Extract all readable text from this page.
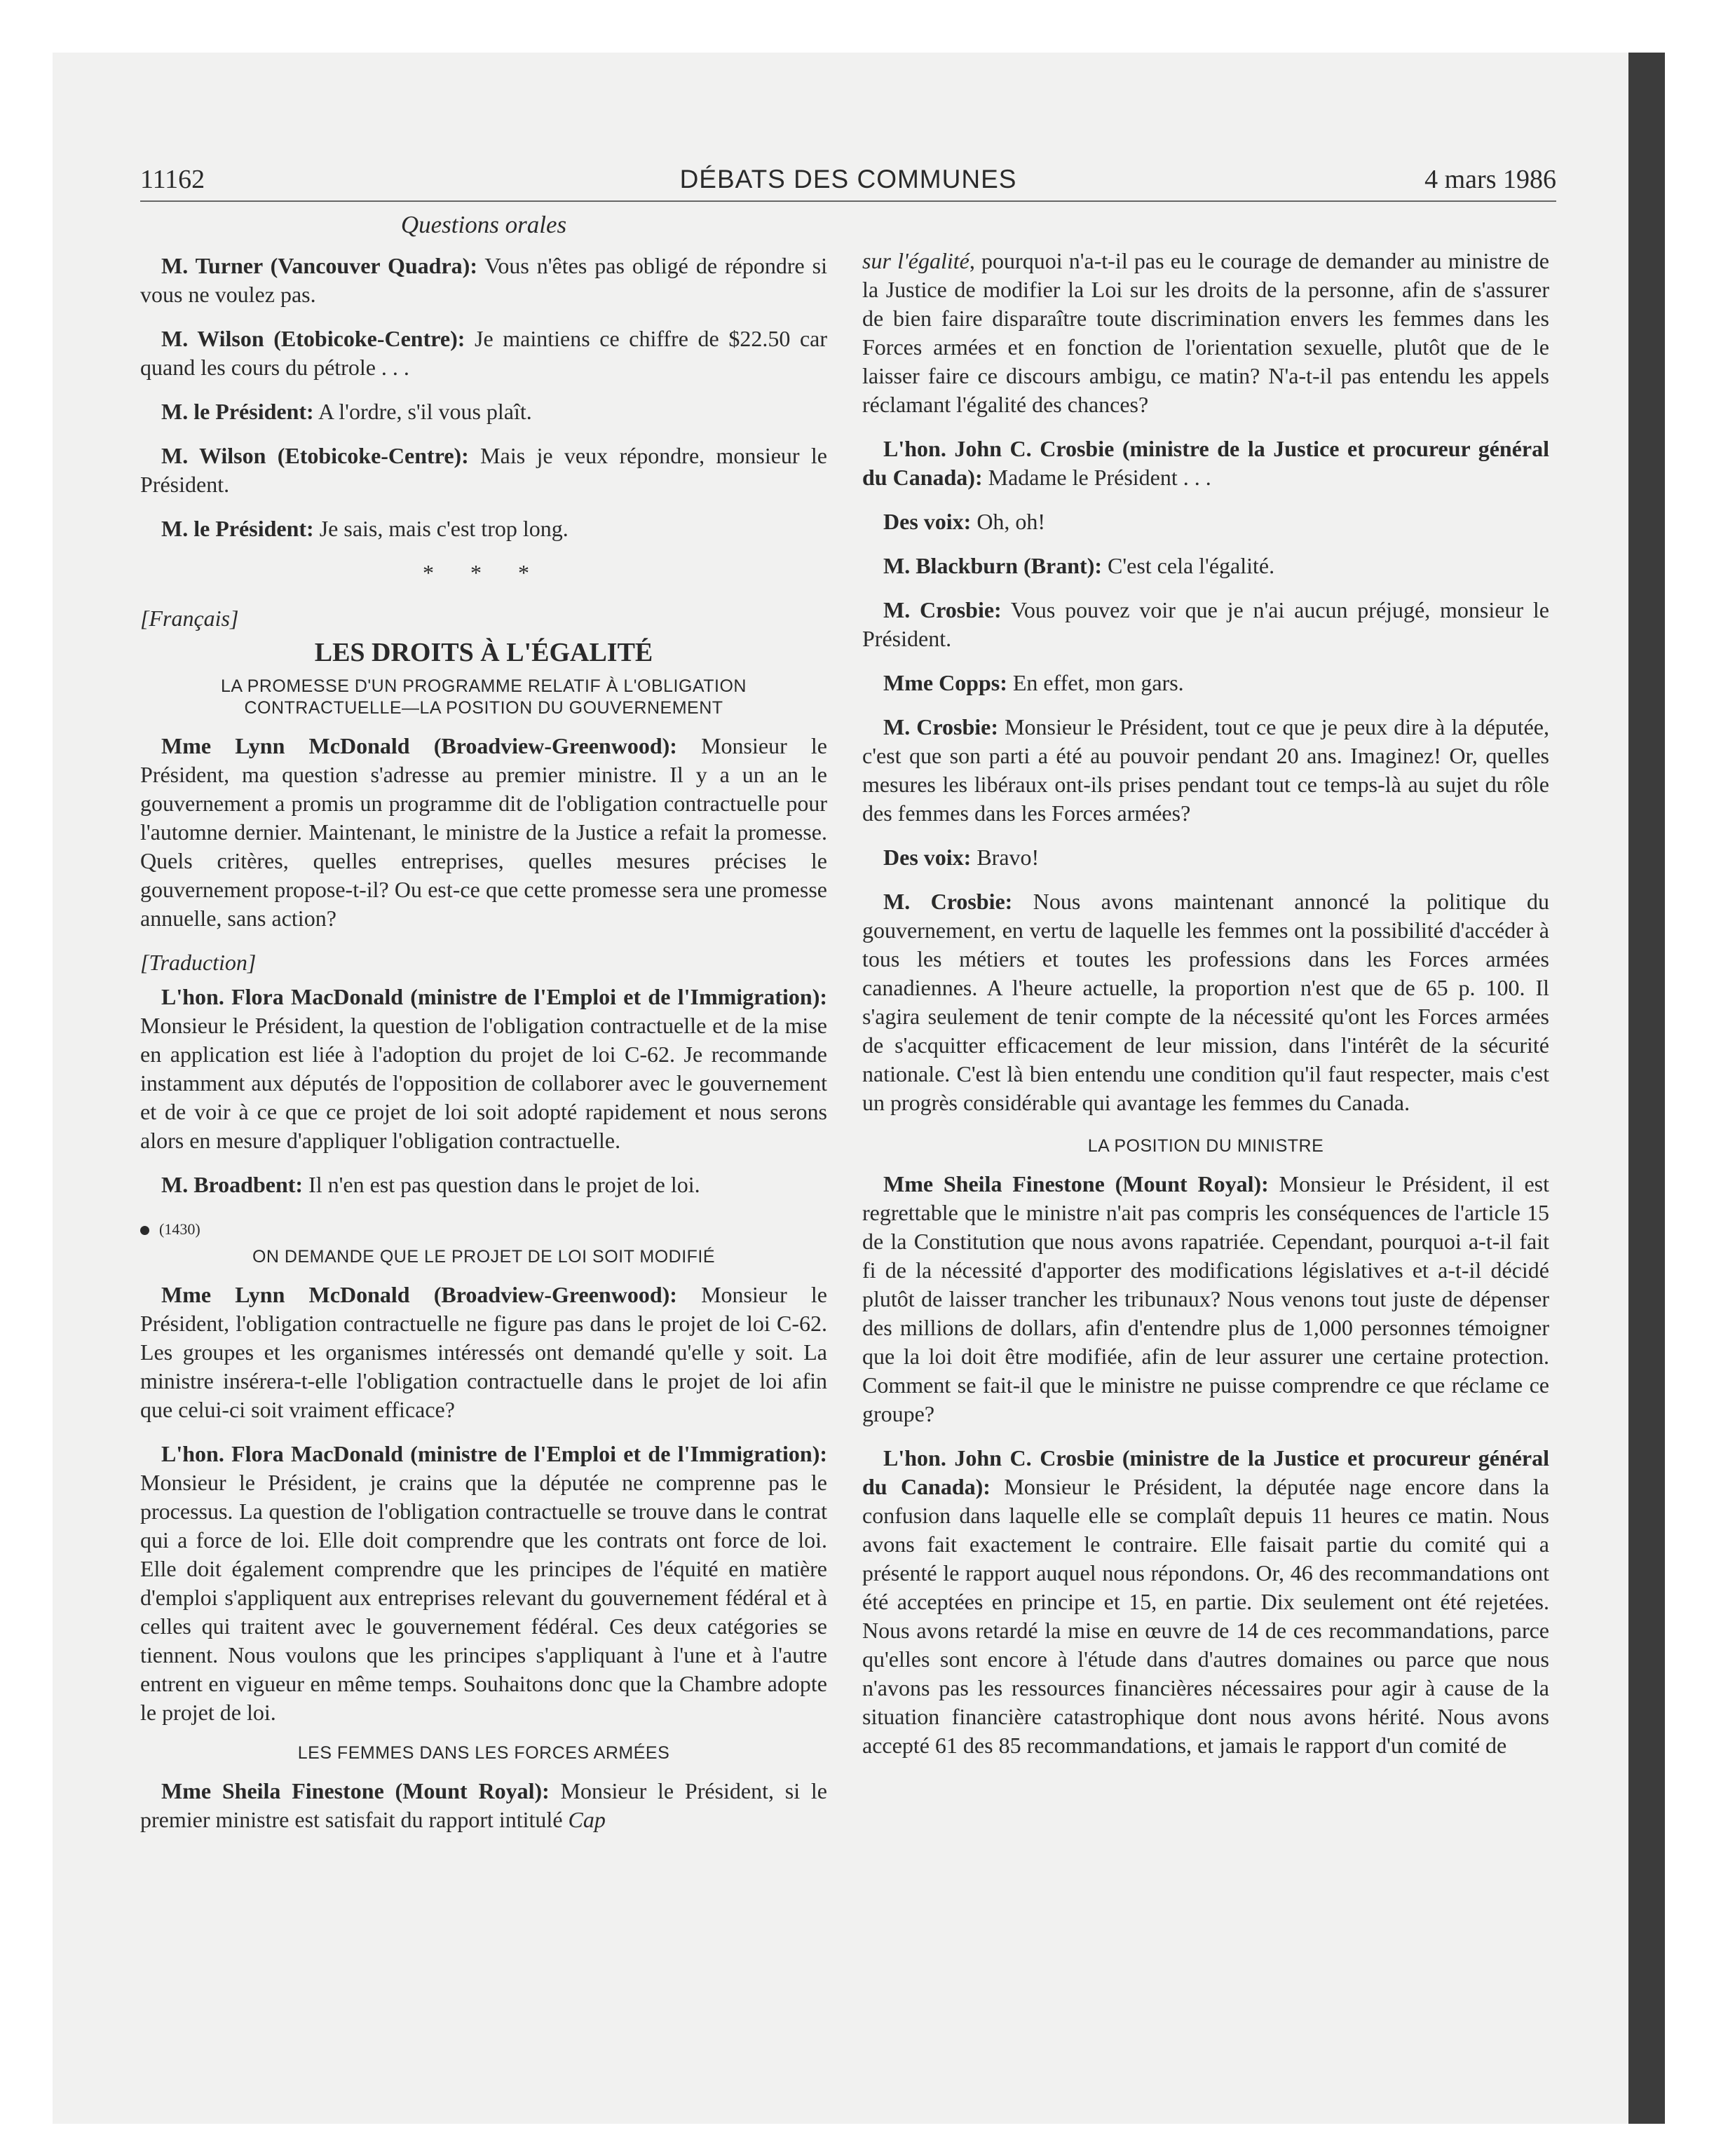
11162	DÉBATS DES COMMUNES	4 mars 1986
Questions orales

M. Turner (Vancouver Quadra): Vous n'êtes pas obligé de répondre si vous ne voulez pas.

M. Wilson (Etobicoke-Centre): Je maintiens ce chiffre de $22.50 car quand les cours du pétrole . . .

M. le Président: A l'ordre, s'il vous plaît.

M. Wilson (Etobicoke-Centre): Mais je veux répondre, monsieur le Président.

M. le Président: Je sais, mais c'est trop long.

* * *
[Français]
LES DROITS À L'ÉGALITÉ
LA PROMESSE D'UN PROGRAMME RELATIF À L'OBLIGATION CONTRACTUELLE—LA POSITION DU GOUVERNEMENT

Mme Lynn McDonald (Broadview-Greenwood): Monsieur le Président, ma question s'adresse au premier ministre. Il y a un an le gouvernement a promis un programme dit de l'obligation contractuelle pour l'automne dernier. Maintenant, le ministre de la Justice a refait la promesse. Quels critères, quelles entreprises, quelles mesures précises le gouvernement propose-t-il? Ou est-ce que cette promesse sera une promesse annuelle, sans action?

[Traduction]

L'hon. Flora MacDonald (ministre de l'Emploi et de l'Immigration): Monsieur le Président, la question de l'obligation contractuelle et de la mise en application est liée à l'adoption du projet de loi C-62. Je recommande instamment aux députés de l'opposition de collaborer avec le gouvernement et de voir à ce que ce projet de loi soit adopté rapidement et nous serons alors en mesure d'appliquer l'obligation contractuelle.

M. Broadbent: Il n'en est pas question dans le projet de loi.

(1430)
ON DEMANDE QUE LE PROJET DE LOI SOIT MODIFIÉ

Mme Lynn McDonald (Broadview-Greenwood): Monsieur le Président, l'obligation contractuelle ne figure pas dans le projet de loi C-62. Les groupes et les organismes intéressés ont demandé qu'elle y soit. La ministre insérera-t-elle l'obligation contractuelle dans le projet de loi afin que celui-ci soit vraiment efficace?

L'hon. Flora MacDonald (ministre de l'Emploi et de l'Immigration): Monsieur le Président, je crains que la députée ne comprenne pas le processus. La question de l'obligation contractuelle se trouve dans le contrat qui a force de loi. Elle doit comprendre que les contrats ont force de loi. Elle doit également comprendre que les principes de l'équité en matière d'emploi s'appliquent aux entreprises relevant du gouvernement fédéral et à celles qui traitent avec le gouvernement fédéral. Ces deux catégories se tiennent. Nous voulons que les principes s'appliquant à l'une et à l'autre entrent en vigueur en même temps. Souhaitons donc que la Chambre adopte le projet de loi.

LES FEMMES DANS LES FORCES ARMÉES

Mme Sheila Finestone (Mount Royal): Monsieur le Président, si le premier ministre est satisfait du rapport intitulé Cap

sur l'égalité, pourquoi n'a-t-il pas eu le courage de demander au ministre de la Justice de modifier la Loi sur les droits de la personne, afin de s'assurer de bien faire disparaître toute discrimination envers les femmes dans les Forces armées et en fonction de l'orientation sexuelle, plutôt que de le laisser faire ce discours ambigu, ce matin? N'a-t-il pas entendu les appels réclamant l'égalité des chances?

L'hon. John C. Crosbie (ministre de la Justice et procureur général du Canada): Madame le Président . . .

Des voix: Oh, oh!

M. Blackburn (Brant): C'est cela l'égalité.

M. Crosbie: Vous pouvez voir que je n'ai aucun préjugé, monsieur le Président.

Mme Copps: En effet, mon gars.

M. Crosbie: Monsieur le Président, tout ce que je peux dire à la députée, c'est que son parti a été au pouvoir pendant 20 ans. Imaginez! Or, quelles mesures les libéraux ont-ils prises pendant tout ce temps-là au sujet du rôle des femmes dans les Forces armées?

Des voix: Bravo!

M. Crosbie: Nous avons maintenant annoncé la politique du gouvernement, en vertu de laquelle les femmes ont la possibilité d'accéder à tous les métiers et toutes les professions dans les Forces armées canadiennes. A l'heure actuelle, la proportion n'est que de 65 p. 100. Il s'agira seulement de tenir compte de la nécessité qu'ont les Forces armées de s'acquitter efficacement de leur mission, dans l'intérêt de la sécurité nationale. C'est là bien entendu une condition qu'il faut respecter, mais c'est un progrès considérable qui avantage les femmes du Canada.

LA POSITION DU MINISTRE

Mme Sheila Finestone (Mount Royal): Monsieur le Président, il est regrettable que le ministre n'ait pas compris les conséquences de l'article 15 de la Constitution que nous avons rapatriée. Cependant, pourquoi a-t-il fait fi de la nécessité d'apporter des modifications législatives et a-t-il décidé plutôt de laisser trancher les tribunaux? Nous venons tout juste de dépenser des millions de dollars, afin d'entendre plus de 1,000 personnes témoigner que la loi doit être modifiée, afin de leur assurer une certaine protection. Comment se fait-il que le ministre ne puisse comprendre ce que réclame ce groupe?

L'hon. John C. Crosbie (ministre de la Justice et procureur général du Canada): Monsieur le Président, la députée nage encore dans la confusion dans laquelle elle se complaît depuis 11 heures ce matin. Nous avons fait exactement le contraire. Elle faisait partie du comité qui a présenté le rapport auquel nous répondons. Or, 46 des recommandations ont été acceptées en principe et 15, en partie. Dix seulement ont été rejetées. Nous avons retardé la mise en œuvre de 14 de ces recommandations, parce qu'elles sont encore à l'étude dans d'autres domaines ou parce que nous n'avons pas les ressources financières nécessaires pour agir à cause de la situation financière catastrophique dont nous avons hérité. Nous avons accepté 61 des 85 recommandations, et jamais le rapport d'un comité de
